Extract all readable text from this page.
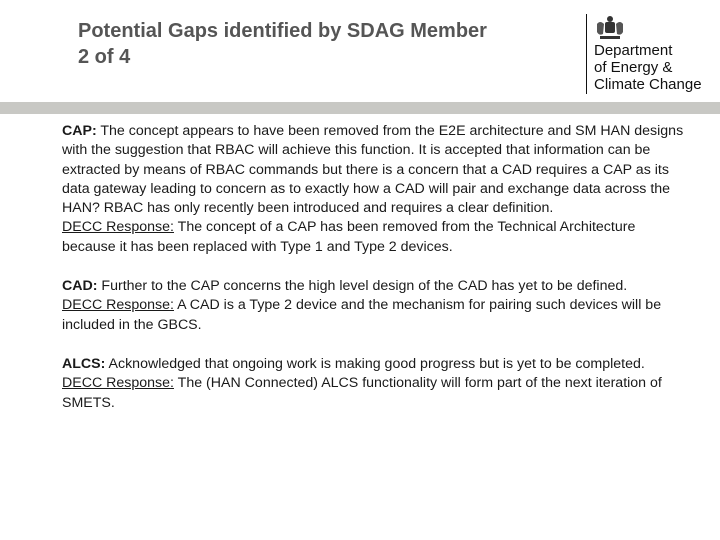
Potential Gaps identified by SDAG Member
2 of 4	Department
of Energy &
Climate Change
CAP: The concept appears to have been removed from the E2E architecture and SM HAN designs with the suggestion that RBAC will achieve this function. It is accepted that information can be extracted by means of RBAC commands but there is a concern that a CAD requires a CAP as its data gateway leading to concern as to exactly how a CAD will pair and exchange data across the HAN? RBAC has only recently been introduced and requires a clear definition.
DECC Response: The concept of a CAP has been removed from the Technical Architecture because it has been replaced with Type 1 and Type 2 devices.
CAD: Further to the CAP concerns the high level design of the CAD has yet to be defined.
DECC Response: A CAD is a Type 2 device and the mechanism for pairing such devices will be included in the GBCS.
ALCS: Acknowledged that ongoing work is making good progress but is yet to be completed.
DECC Response: The (HAN Connected) ALCS functionality will form part of the next iteration of SMETS.
